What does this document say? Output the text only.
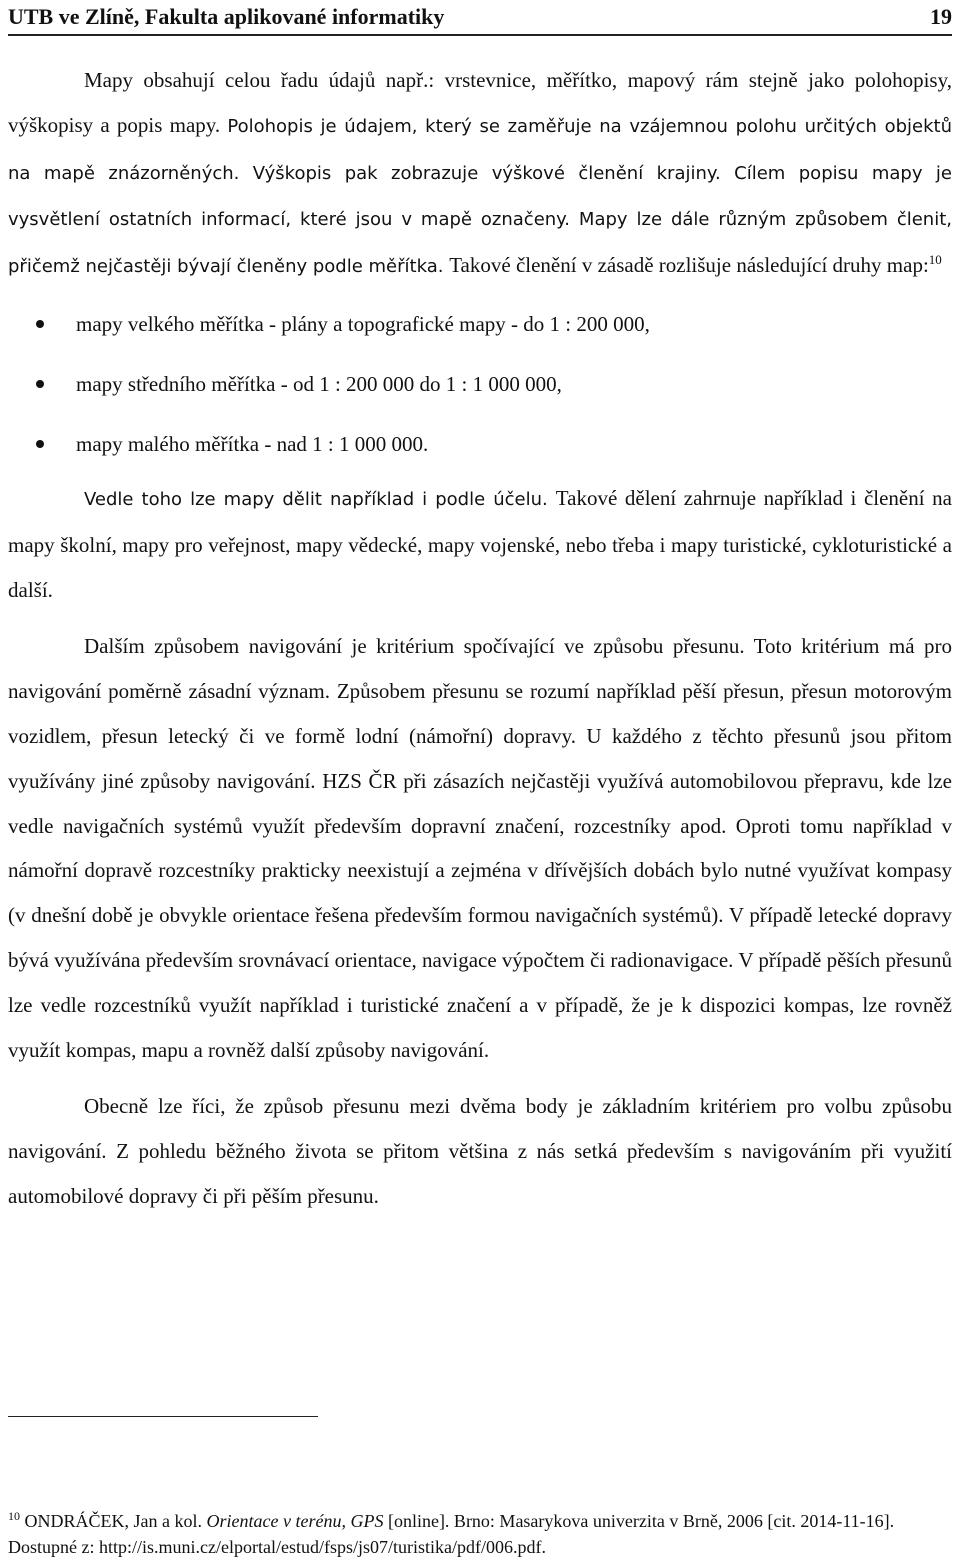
UTB ve Zlíně, Fakulta aplikované informatiky	19

Mapy obsahují celou řadu údajů např.: vrstevnice, měřítko, mapový rám stejně jako polohopisy, výškopisy a popis mapy. Polohopis je údajem, který se zaměřuje na vzájemnou polohu určitých objektů na mapě znázorněných. Výškopis pak zobrazuje výškové členění krajiny. Cílem popisu mapy je vysvětlení ostatních informací, které jsou v mapě označeny. Mapy lze dále různým způsobem členit, přičemž nejčastěji bývají členěny podle měřítka. Takové členění v zásadě rozlišuje následující druhy map:$^{10}$

mapy velkého měřítka - plány a topografické mapy - do 1 : 200 000,
mapy středního měřítka - od 1 : 200 000 do 1 : 1 000 000,
mapy malého měřítka - nad 1 : 1 000 000.

Vedle toho lze mapy dělit například i podle účelu. Takové dělení zahrnuje například i členění na mapy školní, mapy pro veřejnost, mapy vědecké, mapy vojenské, nebo třeba i mapy turistické, cykloturistické a další.

Dalším způsobem navigování je kritérium spočívající ve způsobu přesunu. Toto kritérium má pro navigování poměrně zásadní význam. Způsobem přesunu se rozumí například pěší přesun, přesun motorovým vozidlem, přesun letecký či ve formě lodní (námořní) dopravy. U každého z těchto přesunů jsou přitom využívány jiné způsoby navigování. HZS ČR při zásazích nejčastěji využívá automobilovou přepravu, kde lze vedle navigačních systémů využít především dopravní značení, rozcestníky apod. Oproti tomu například v námořní dopravě rozcestníky prakticky neexistují a zejména v dřívějších dobách bylo nutné využívat kompasy (v dnešní době je obvykle orientace řešena především formou navigačních systémů). V případě letecké dopravy bývá využívána především srovnávací orientace, navigace výpočtem či radionavigace. V případě pěších přesunů lze vedle rozcestníků využít například i turistické značení a v případě, že je k dispozici kompas, lze rovněž využít kompas, mapu a rovněž další způsoby navigování.

Obecně lze říci, že způsob přesunu mezi dvěma body je základním kritériem pro volbu způsobu navigování. Z pohledu běžného života se přitom většina z nás setká především s navigováním při využití automobilové dopravy či při pěším přesunu.

$^{10}$ ONDRÁČEK, Jan a kol. Orientace v terénu, GPS [online]. Brno: Masarykova univerzita v Brně, 2006 [cit. 2014-11-16]. Dostupné z: http://is.muni.cz/elportal/estud/fsps/js07/turistika/pdf/006.pdf.
